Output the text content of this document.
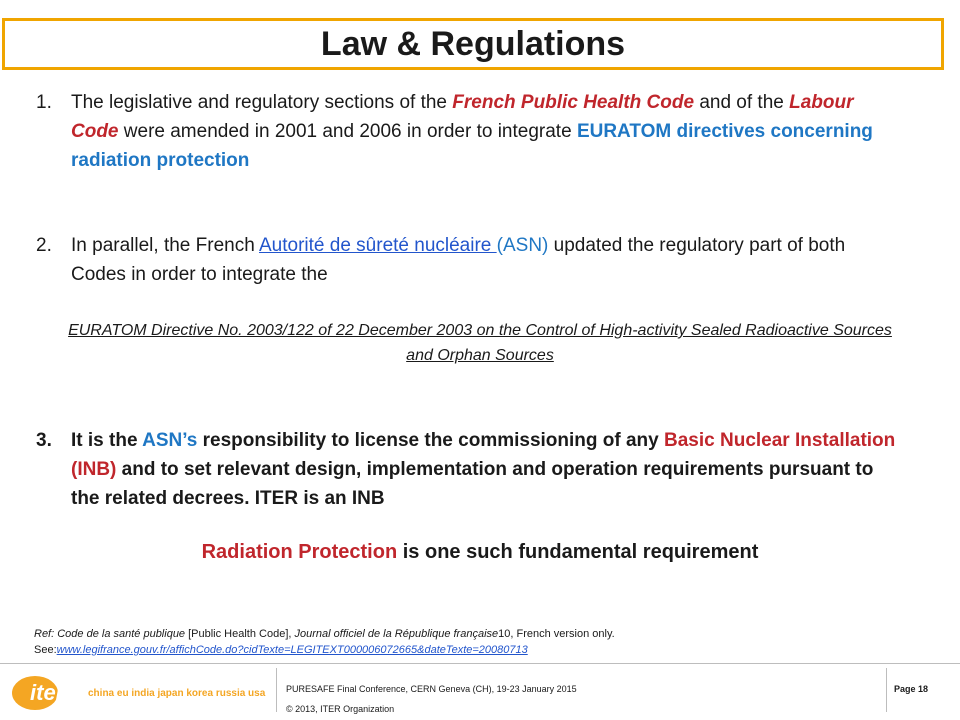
Law & Regulations
1. The legislative and regulatory sections of the French Public Health Code and of the Labour Code were amended in 2001 and 2006 in order to integrate EURATOM directives concerning radiation protection
2. In parallel, the French Autorité de sûreté nucléaire (ASN) updated the regulatory part of both Codes in order to integrate the
EURATOM Directive No. 2003/122 of 22 December 2003 on the Control of High-activity Sealed Radioactive Sources and Orphan Sources
3. It is the ASN’s responsibility to license the commissioning of any Basic Nuclear Installation (INB) and to set relevant design, implementation and operation requirements pursuant to the related decrees. ITER is an INB
Radiation Protection is one such fundamental requirement
Ref: Code de la santé publique [Public Health Code], Journal officiel de la République française10, French version only.
See:www.legifrance.gouv.fr/affichCode.do?cidTexte=LEGITEXT000006072665&dateTexte=20080713
iter china eu india japan korea russia usa PURESAFE Final Conference, CERN Geneva (CH), 19-23 January 2015
© 2013, ITER Organization
Page 18
